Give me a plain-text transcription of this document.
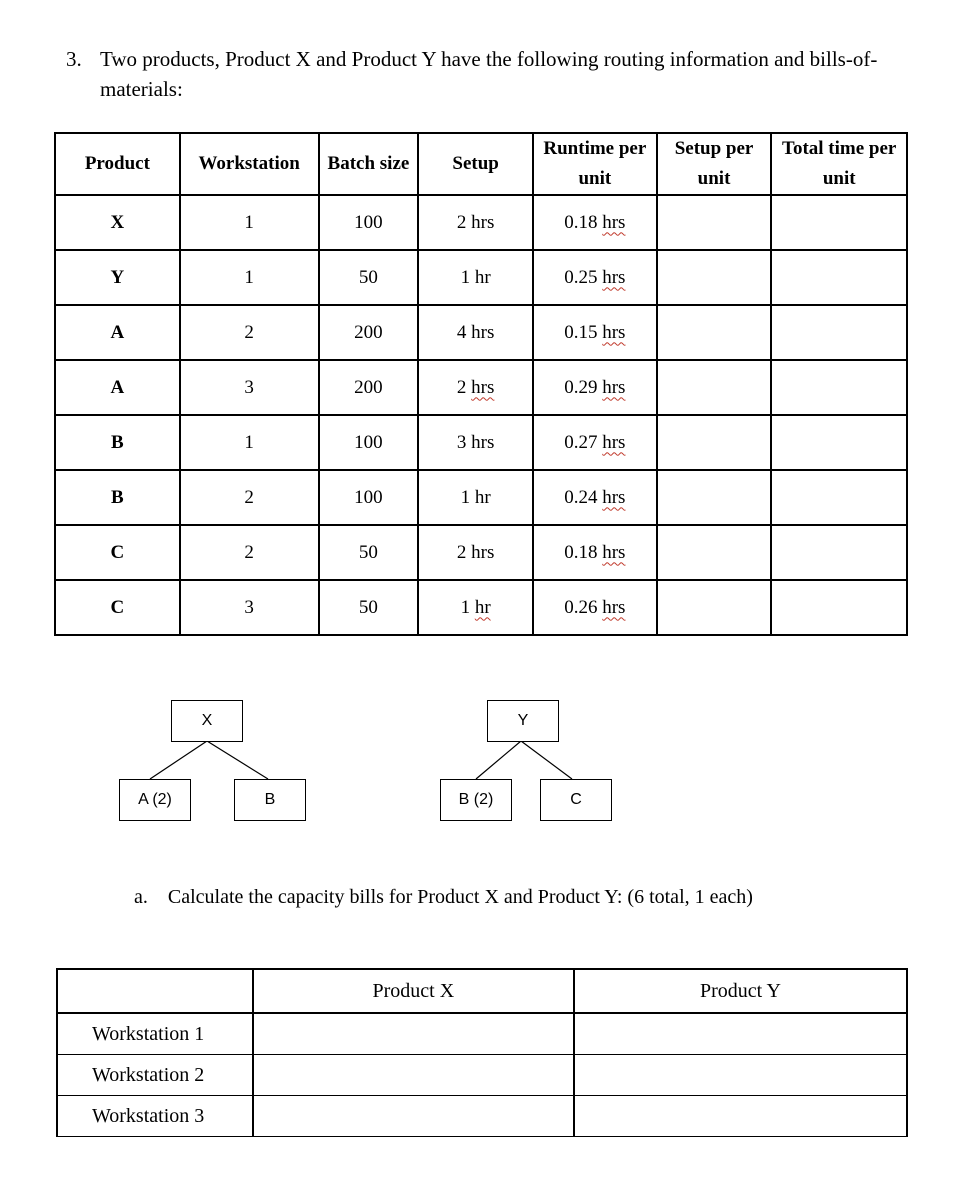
3. Two products, Product X and Product Y have the following routing information and bills-of-materials:
Product	Workstation	Batch size	Setup	Runtime per unit	Setup per unit	Total time per unit
X	1	100	2 hrs	0.18 hrs		
Y	1	50	1 hr	0.25 hrs		
A	2	200	4 hrs	0.15 hrs		
A	3	200	2 hrs	0.29 hrs		
B	1	100	3 hrs	0.27 hrs		
B	2	100	1 hr	0.24 hrs		
C	2	50	2 hrs	0.18 hrs		
C	3	50	1 hr	0.26 hrs		
X
A (2)	B
Y
B (2)	C
a. Calculate the capacity bills for Product X and Product Y: (6 total, 1 each)
	Product X	Product Y
Workstation 1		
Workstation 2		
Workstation 3		
